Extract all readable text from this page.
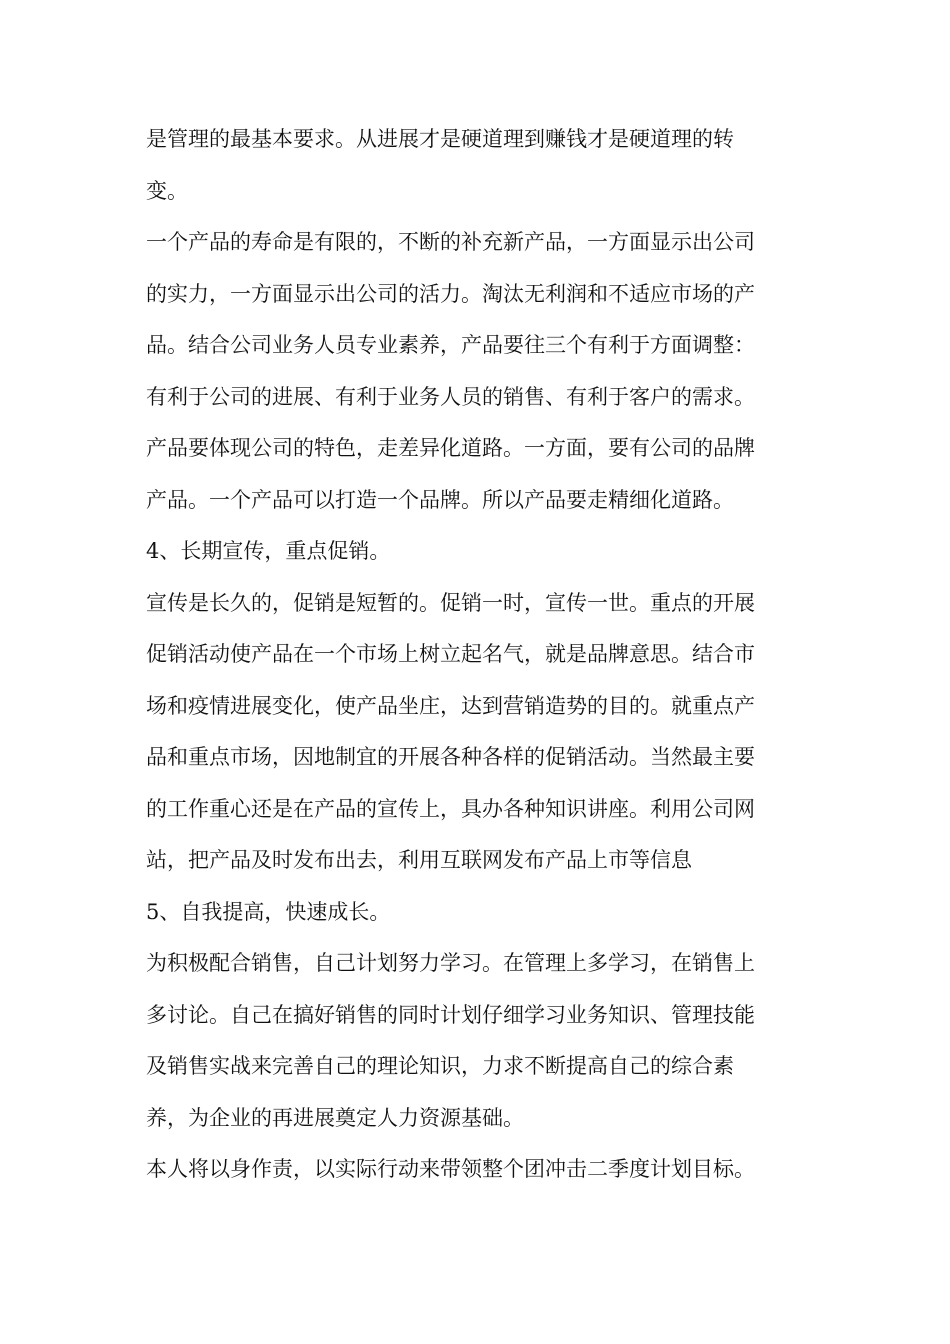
是管理的最基本要求。从进展才是硬道理到赚钱才是硬道理的转
变。

一个产品的寿命是有限的，不断的补充新产品，一方面显示出公司
的实力，一方面显示出公司的活力。淘汰无利润和不适应市场的产
品。结合公司业务人员专业素养，产品要往三个有利于方面调整：
有利于公司的进展、有利于业务人员的销售、有利于客户的需求。
产品要体现公司的特色，走差异化道路。一方面，要有公司的品牌
产品。一个产品可以打造一个品牌。所以产品要走精细化道路。

4、长期宣传，重点促销。

宣传是长久的，促销是短暂的。促销一时，宣传一世。重点的开展
促销活动使产品在一个市场上树立起名气，就是品牌意思。结合市
场和疫情进展变化，使产品坐庄，达到营销造势的目的。就重点产
品和重点市场，因地制宜的开展各种各样的促销活动。当然最主要
的工作重心还是在产品的宣传上，具办各种知识讲座。利用公司网
站，把产品及时发布出去，利用互联网发布产品上市等信息

5、自我提高，快速成长。

为积极配合销售，自己计划努力学习。在管理上多学习，在销售上
多讨论。自己在搞好销售的同时计划仔细学习业务知识、管理技能
及销售实战来完善自己的理论知识，力求不断提高自己的综合素
养，为企业的再进展奠定人力资源基础。

本人将以身作责，以实际行动来带领整个团冲击二季度计划目标。
